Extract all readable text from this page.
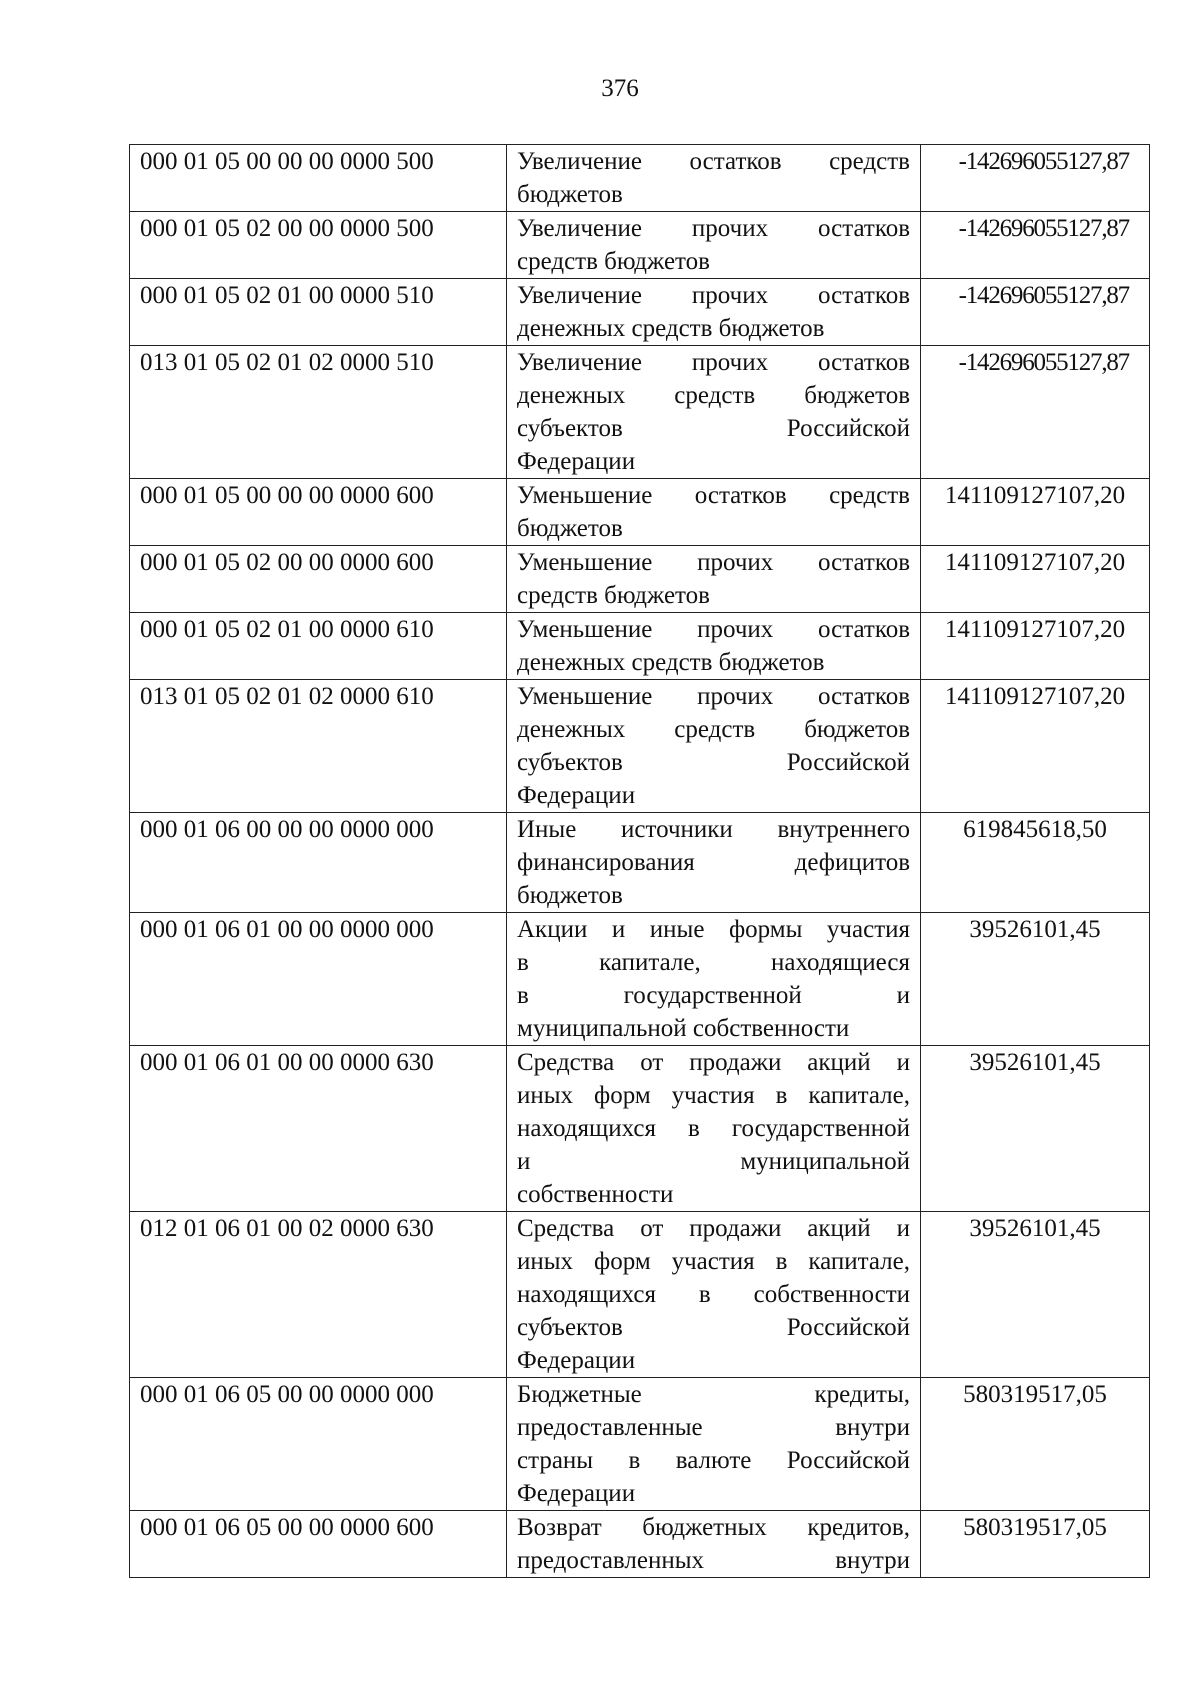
376
000 01 05 00 00 00 0000 500	Увеличение остатков средств
бюджетов	-142696055127,87
000 01 05 02 00 00 0000 500	Увеличение прочих остатков
средств бюджетов	-142696055127,87
000 01 05 02 01 00 0000 510	Увеличение прочих остатков
денежных средств бюджетов	-142696055127,87
013 01 05 02 01 02 0000 510	Увеличение прочих остатков
денежных средств бюджетов
субъектов Российской
Федерации	-142696055127,87
000 01 05 00 00 00 0000 600	Уменьшение остатков средств
бюджетов	141109127107,20
000 01 05 02 00 00 0000 600	Уменьшение прочих остатков
средств бюджетов	141109127107,20
000 01 05 02 01 00 0000 610	Уменьшение прочих остатков
денежных средств бюджетов	141109127107,20
013 01 05 02 01 02 0000 610	Уменьшение прочих остатков
денежных средств бюджетов
субъектов Российской
Федерации	141109127107,20
000 01 06 00 00 00 0000 000	Иные источники внутреннего
финансирования дефицитов
бюджетов	619845618,50
000 01 06 01 00 00 0000 000	Акции и иные формы участия
в капитале, находящиеся
в государственной и
муниципальной собственности	39526101,45
000 01 06 01 00 00 0000 630	Средства от продажи акций и
иных форм участия в капитале,
находящихся в государственной
и муниципальной
собственности	39526101,45
012 01 06 01 00 02 0000 630	Средства от продажи акций и
иных форм участия в капитале,
находящихся в собственности
субъектов Российской
Федерации	39526101,45
000 01 06 05 00 00 0000 000	Бюджетные кредиты,
предоставленные внутри
страны в валюте Российской
Федерации	580319517,05
000 01 06 05 00 00 0000 600	Возврат бюджетных кредитов,
предоставленных внутри	580319517,05
